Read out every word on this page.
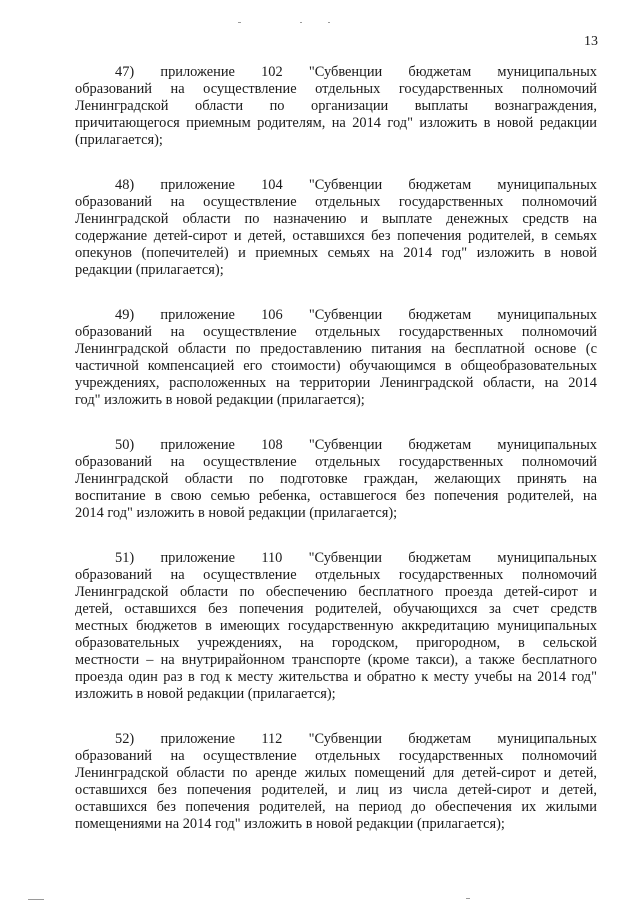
13

47) приложение 102 "Субвенции бюджетам муниципальных
образований на осуществление отдельных государственных полномочий
Ленинградской области по организации выплаты вознаграждения,
причитающегося приемным родителям, на 2014 год" изложить в новой редакции
(прилагается);

48) приложение 104 "Субвенции бюджетам муниципальных
образований на осуществление отдельных государственных полномочий
Ленинградской области по назначению и выплате денежных средств на
содержание детей-сирот и детей, оставшихся без попечения родителей, в семьях
опекунов (попечителей) и приемных семьях на 2014 год" изложить в новой
редакции (прилагается);

49) приложение 106 "Субвенции бюджетам муниципальных
образований на осуществление отдельных государственных полномочий
Ленинградской области по предоставлению питания на бесплатной основе (с
частичной компенсацией его стоимости) обучающимся в общеобразовательных
учреждениях, расположенных на территории Ленинградской области, на 2014
год" изложить в новой редакции (прилагается);

50) приложение 108 "Субвенции бюджетам муниципальных
образований на осуществление отдельных государственных полномочий
Ленинградской области по подготовке граждан, желающих принять на
воспитание в свою семью ребенка, оставшегося без попечения родителей, на
2014 год" изложить в новой редакции (прилагается);

51) приложение 110 "Субвенции бюджетам муниципальных
образований на осуществление отдельных государственных полномочий
Ленинградской области по обеспечению бесплатного проезда детей-сирот и
детей, оставшихся без попечения родителей, обучающихся за счет средств
местных бюджетов в имеющих государственную аккредитацию муниципальных
образовательных учреждениях, на городском, пригородном, в сельской
местности – на внутрирайонном транспорте (кроме такси), а также бесплатного
проезда один раз в год к месту жительства и обратно к месту учебы на 2014 год"
изложить в новой редакции (прилагается);

52) приложение 112 "Субвенции бюджетам муниципальных
образований на осуществление отдельных государственных полномочий
Ленинградской области по аренде жилых помещений для детей-сирот и детей,
оставшихся без попечения родителей, и лиц из числа детей-сирот и детей,
оставшихся без попечения родителей, на период до обеспечения их жилыми
помещениями на 2014 год" изложить в новой редакции (прилагается);
